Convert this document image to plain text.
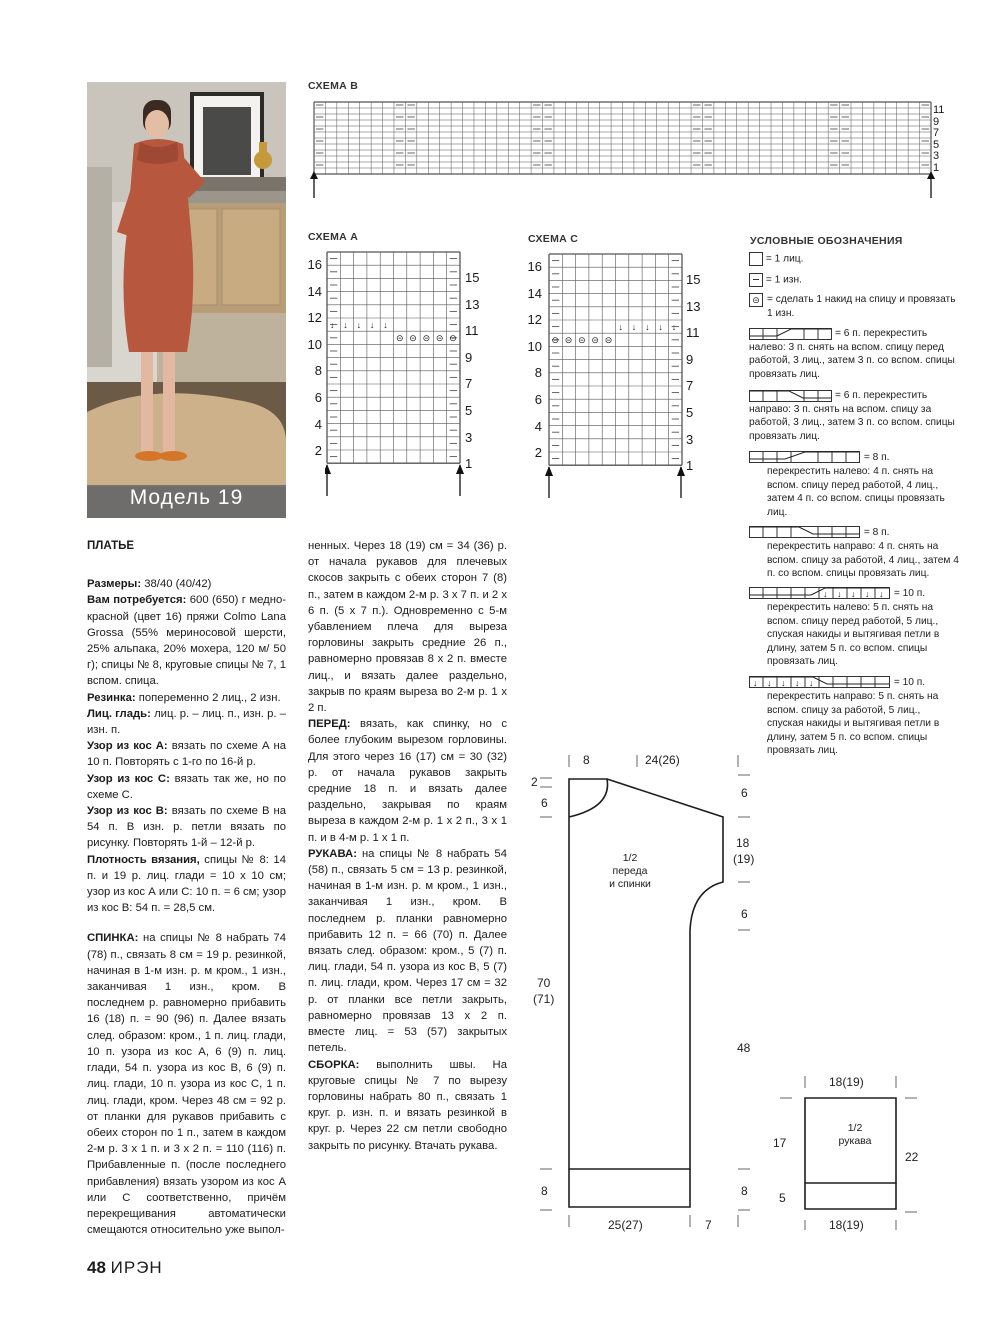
Модель 19
СХЕМА В
11
9
7
5
3
1
СХЕМА А
↓
⊝
↓
⊝
↓
⊝
↓
⊝
↓
⊝
16
14
12
10
8
6
4
2
15
13
11
9
7
5
3
1
СХЕМА С
↓
⊝
↓
⊝
↓
⊝
↓
⊝
↓
⊝
16
14
12
10
8
6
4
2
15
13
11
9
7
5
3
1
УСЛОВНЫЕ ОБОЗНАЧЕНИЯ
= 1 лиц.
= 1 изн.
⊝ = сделать 1 накид на спицу и провязать 1 изн.
= 6 п. перекрестить налево: 3 п. снять на вспом. спицу перед работой, 3 лиц., затем 3 п. со вспом. спицы провязать лиц.
= 6 п. перекрестить направо: 3 п. снять на вспом. спицу за работой, 3 лиц., затем 3 п. со вспом. спицы провязать лиц.
= 8 п.
перекрестить налево: 4 п. снять на вспом. спицу перед работой, 4 лиц., затем 4 п. со вспом. спицы провязать лиц.
= 8 п.
перекрестить направо: 4 п. снять на вспом. спицу за работой, 4 лиц., затем 4 п. со вспом. спицы провязать лиц.
↓ ↓ ↓ ↓ ↓ = 10 п.
перекрестить налево: 5 п. снять на вспом. спицу перед работой, 5 лиц., спуская накиды и вытягивая петли в длину, затем 5 п. со вспом. спицы провязать лиц.
↓ ↓ ↓ ↓ ↓	= 10 п.
перекрестить направо: 5 п. снять на вспом. спицу за работой, 5 лиц., спуская накиды и вытягивая петли в длину, затем 5 п. со вспом. спицы провязать лиц.

ПЛАТЬЕ

Размеры: 38/40 (40/42)

Вам потребуется: 600 (650) г медно-красной (цвет 16) пряжи Colmo Lana Grossa (55% мериносовой шерсти, 25% альпака, 20% мохера, 120 м/ 50 г); спицы № 8, круговые спицы № 7, 1 вспом. спица.

Резинка: попеременно 2 лиц., 2 изн.

Лиц. гладь: лиц. р. – лиц. п., изн. р. – изн. п.

Узор из кос А: вязать по схеме А на 10 п. Повторять с 1-го по 16-й р.

Узор из кос С: вязать так же, но по схеме С.

Узор из кос В: вязать по схеме В на 54 п. В изн. р. петли вязать по рисунку. Повторять 1-й – 12-й р.

Плотность вязания, спицы № 8: 14 п. и 19 р. лиц. глади = 10 х 10 см; узор из кос А или С: 10 п. = 6 см; узор из кос В: 54 п. = 28,5 см.

СПИНКА: на спицы № 8 набрать 74 (78) п., связать 8 см = 19 р. резинкой, начиная в 1-м изн. р. м кром., 1 изн., заканчивая 1 изн., кром. В последнем р. равномерно прибавить 16 (18) п. = 90 (96) п. Далее вязать след. образом: кром., 1 п. лиц. глади, 10 п. узора из кос А, 6 (9) п. лиц. глади, 54 п. узора из кос В, 6 (9) п. лиц. глади, 10 п. узора из кос С, 1 п. лиц. глади, кром. Через 48 см = 92 р. от планки для рукавов прибавить с обеих сторон по 1 п., затем в каждом 2-м р. 3 х 1 п. и 3 х 2 п. = 110 (116) п. Прибавленные п. (после последнего прибавления) вязать узором из кос А или С соответственно, причём перекрещивания автоматически смещаются относительно уже выпол-

ненных. Через 18 (19) см = 34 (36) р. от начала рукавов для плечевых скосов закрыть с обеих сторон 7 (8) п., затем в каждом 2-м р. 3 х 7 п. и 2 х 6 п. (5 х 7 п.). Одновременно с 5-м убавлением плеча для выреза горловины закрыть средние 26 п., равномерно провязав 8 х 2 п. вместе лиц., и вязать далее раздельно, закрыв по краям выреза во 2-м р. 1 х 2 п.

ПЕРЕД: вязать, как спинку, но с более глубоким вырезом горловины. Для этого через 16 (17) см = 30 (32) р. от начала рукавов закрыть средние 18 п. и вязать далее раздельно, закрывая по краям выреза в каждом 2-м р. 1 х 2 п., 3 х 1 п. и в 4-м р. 1 х 1 п.

РУКАВА: на спицы № 8 набрать 54 (58) п., связать 5 см = 13 р. резинкой, начиная в 1-м изн. р. м кром., 1 изн., заканчивая 1 изн., кром. В последнем р. планки равномерно прибавить 12 п. = 66 (70) п. Далее вязать след. образом: кром., 5 (7) п. лиц. глади, 54 п. узора из кос В, 5 (7) п. лиц. глади, кром. Через 17 см = 32 р. от планки все петли закрыть, равномерно провязав 13 х 2 п. вместе лиц. = 53 (57) закрытых петель.

СБОРКА: выполнить швы. На круговые спицы № 7 по вырезу горловины набрать 80 п., связать 1 круг. р. изн. п. и вязать резинкой в круг. р. Через 22 см петли свободно закрыть по рисунку. Втачать рукава.

8	24(26)
2
6
6
18
(19)
6
70
(71)
48
8	8
25(27)	7
1/2
переда
и спинки
18(19)
17
22
5
18(19)
1/2
рукава
48 ИРЭН
